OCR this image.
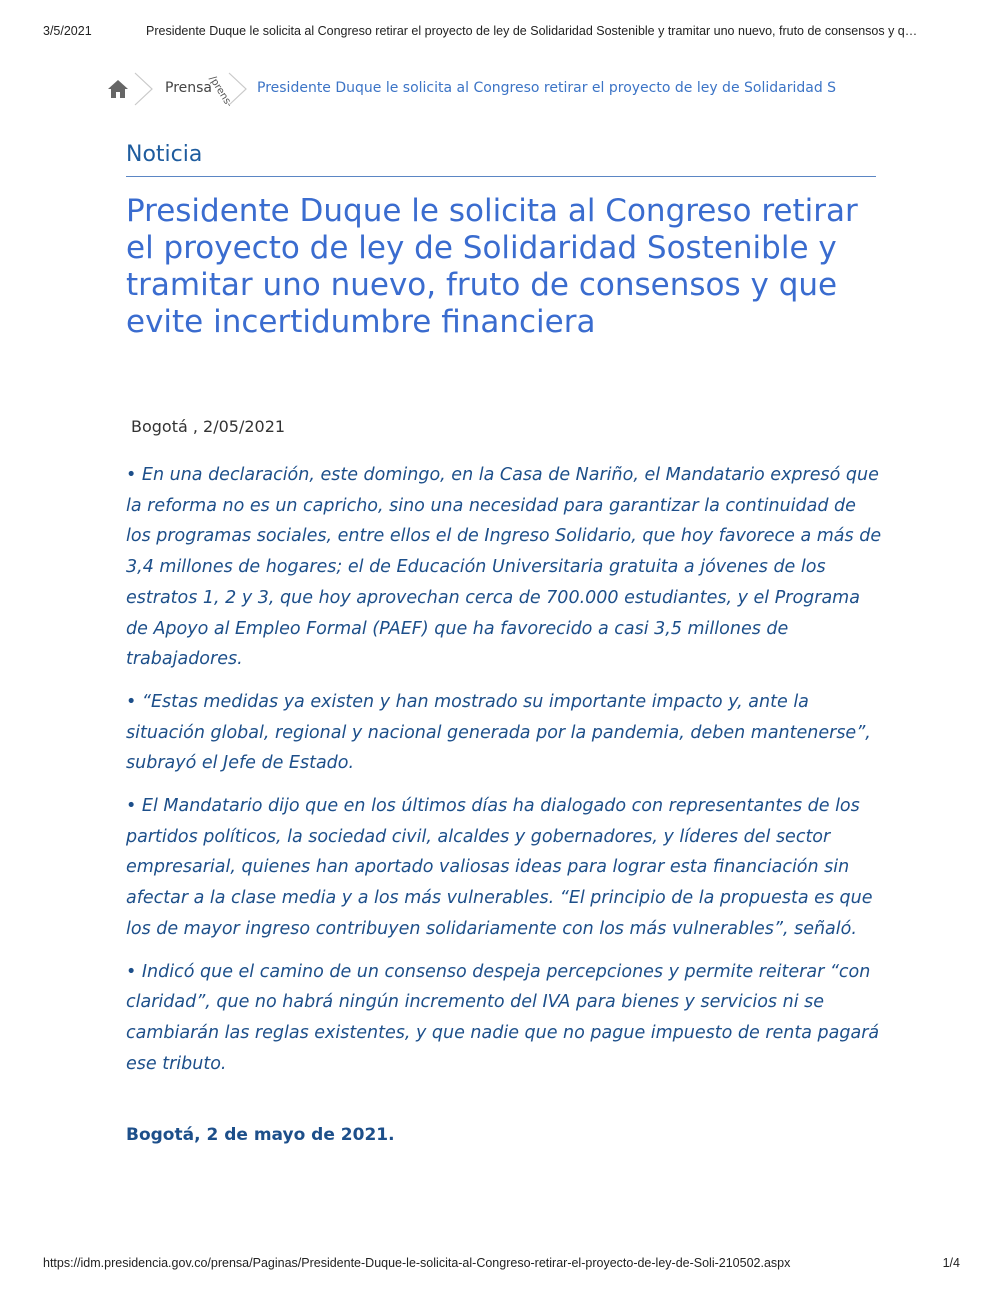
3/5/2021	Presidente Duque le solicita al Congreso retirar el proyecto de ley de Solidaridad Sostenible y tramitar uno nuevo, fruto de consensos y q…
Prensa
/prens- Presidente Duque le solicita al Congreso retirar el proyecto de ley de Solidaridad S
Noticia
Presidente Duque le solicita al Congreso retirar el proyecto de ley de Solidaridad Sostenible y tramitar uno nuevo, fruto de consensos y que evite incertidumbre financiera
Bogotá , 2/05/2021

• En una declaración, este domingo, en la Casa de Nariño, el Mandatario expresó que la reforma no es un capricho, sino una necesidad para garantizar la continuidad de los programas sociales, entre ellos el de Ingreso Solidario, que hoy favorece a más de 3,4 millones de hogares; el de Educación Universitaria gratuita a jóvenes de los estratos 1, 2 y 3, que hoy aprovechan cerca de 700.000 estudiantes, y el Programa de Apoyo al Empleo Formal (PAEF) que ha favorecido a casi 3,5 millones de trabajadores.

• “Estas medidas ya existen y han mostrado su importante impacto y, ante la situación global, regional y nacional generada por la pandemia, deben mantenerse”, subrayó el Jefe de Estado.

• El Mandatario dijo que en los últimos días ha dialogado con representantes de los partidos políticos, la sociedad civil, alcaldes y gobernadores, y líderes del sector empresarial, quienes han aportado valiosas ideas para lograr esta financiación sin afectar a la clase media y a los más vulnerables. “El principio de la propuesta es que los de mayor ingreso contribuyen solidariamente con los más vulnerables”, señaló.

• Indicó que el camino de un consenso despeja percepciones y permite reiterar “con claridad”, que no habrá ningún incremento del IVA para bienes y servicios ni se cambiarán las reglas existentes, y que nadie que no pague impuesto de renta pagará ese tributo.

Bogotá, 2 de mayo de 2021.
https://idm.presidencia.gov.co/prensa/Paginas/Presidente-Duque-le-solicita-al-Congreso-retirar-el-proyecto-de-ley-de-Soli-210502.aspx	1/4
